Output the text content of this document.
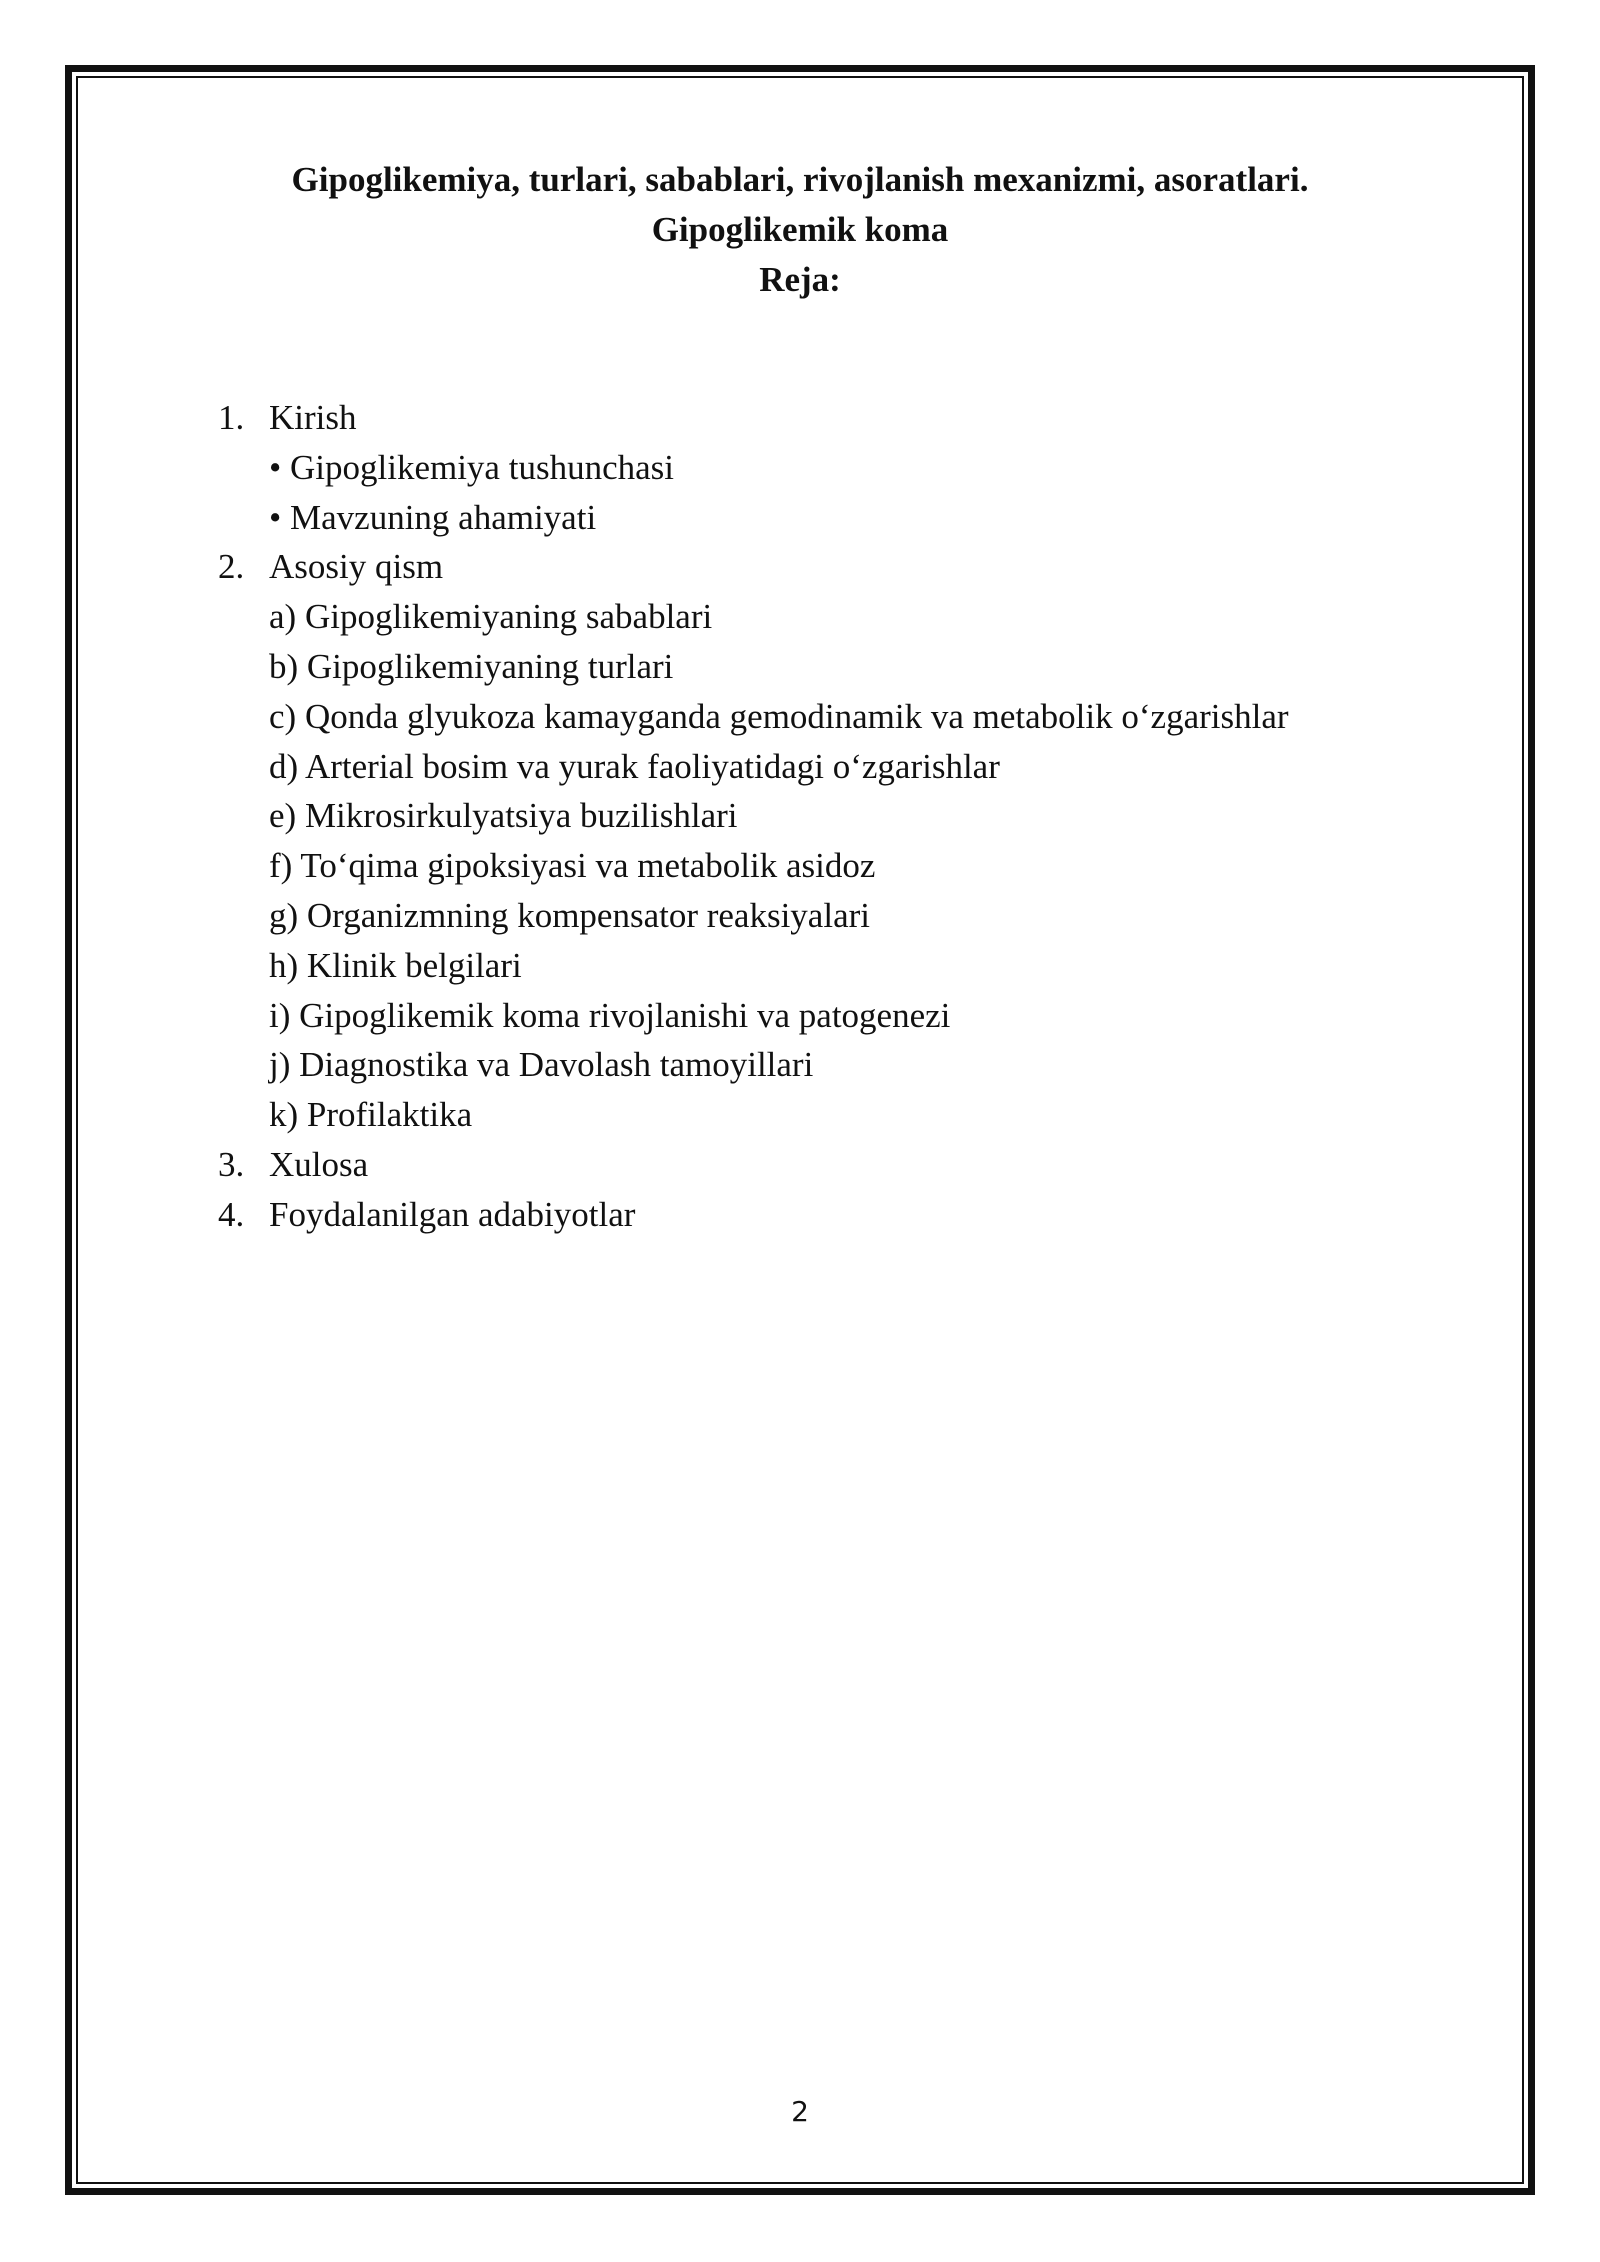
Gipoglikemiya, turlari, sabablari, rivojlanish mexanizmi, asoratlari.
Gipoglikemik koma
Reja:
1. Kirish
• Gipoglikemiya tushunchasi
• Mavzuning ahamiyati
2. Asosiy qism
a) Gipoglikemiyaning sabablari
b) Gipoglikemiyaning turlari
c) Qonda glyukoza kamayganda gemodinamik va metabolik o‘zgarishlar
d) Arterial bosim va yurak faoliyatidagi o‘zgarishlar
e) Mikrosirkulyatsiya buzilishlari
f) To‘qima gipoksiyasi va metabolik asidoz
g) Organizmning kompensator reaksiyalari
h) Klinik belgilari
i) Gipoglikemik koma rivojlanishi va patogenezi
j) Diagnostika va Davolash tamoyillari
k) Profilaktika
3. Xulosa
4. Foydalanilgan adabiyotlar
2
